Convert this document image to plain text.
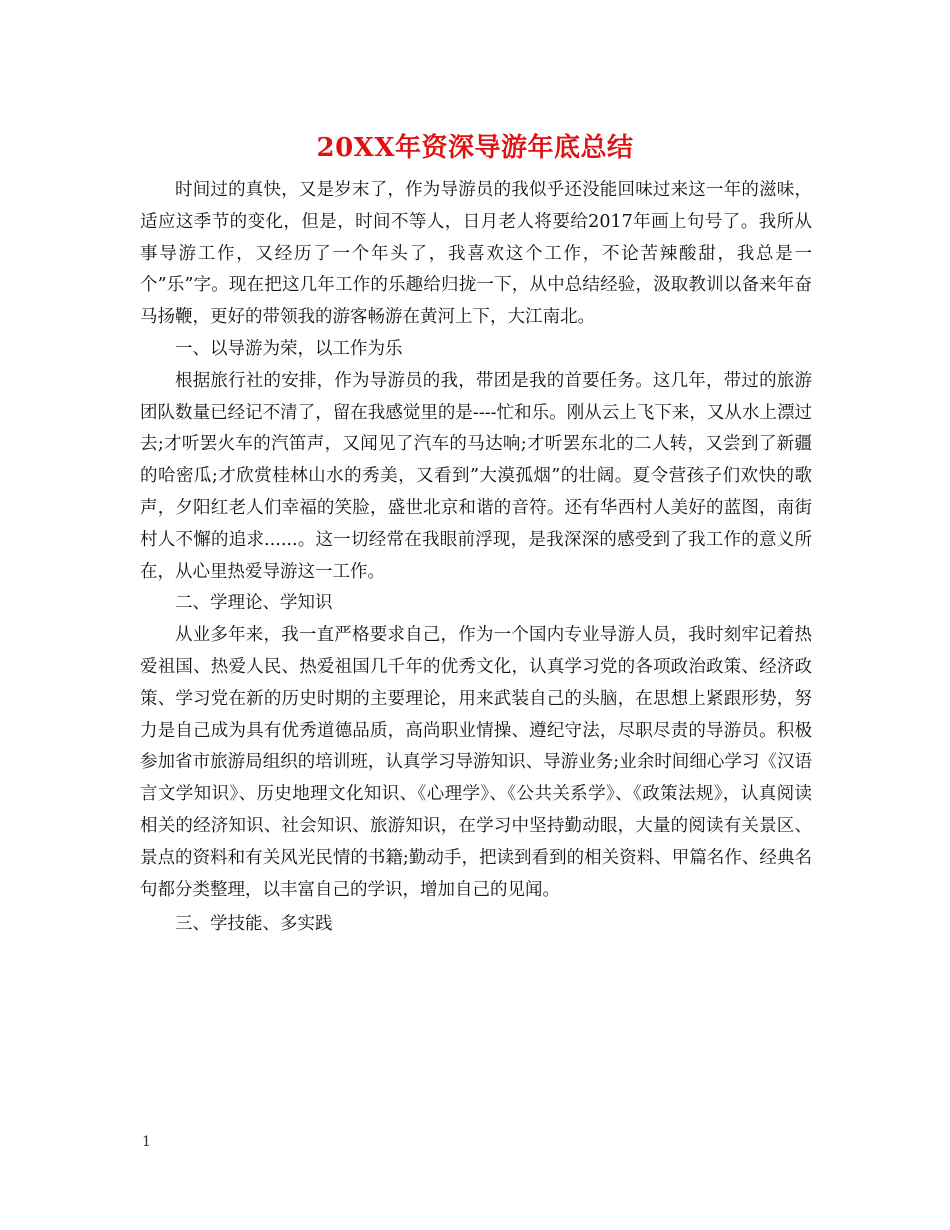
20XX年资深导游年底总结

时间过的真快，又是岁末了，作为导游员的我似乎还没能回味过来这一年的滋味，适应这季节的变化，但是，时间不等人，日月老人将要给2017年画上句号了。我所从事导游工作，又经历了一个年头了，我喜欢这个工作，不论苦辣酸甜，我总是一个”乐”字。现在把这几年工作的乐趣给归拢一下，从中总结经验，汲取教训以备来年奋马扬鞭，更好的带领我的游客畅游在黄河上下，大江南北。

一、以导游为荣，以工作为乐

根据旅行社的安排，作为导游员的我，带团是我的首要任务。这几年，带过的旅游团队数量已经记不清了，留在我感觉里的是----忙和乐。刚从云上飞下来，又从水上漂过去;才听罢火车的汽笛声，又闻见了汽车的马达响;才听罢东北的二人转，又尝到了新疆的哈密瓜;才欣赏桂林山水的秀美，又看到”大漠孤烟”的壮阔。夏令营孩子们欢快的歌声，夕阳红老人们幸福的笑脸，盛世北京和谐的音符。还有华西村人美好的蓝图，南街村人不懈的追求......。这一切经常在我眼前浮现，是我深深的感受到了我工作的意义所在，从心里热爱导游这一工作。

二、学理论、学知识

从业多年来，我一直严格要求自己，作为一个国内专业导游人员，我时刻牢记着热爱祖国、热爱人民、热爱祖国几千年的优秀文化，认真学习党的各项政治政策、经济政策、学习党在新的历史时期的主要理论，用来武装自己的头脑，在思想上紧跟形势，努力是自己成为具有优秀道德品质，高尚职业情操、遵纪守法，尽职尽责的导游员。积极参加省市旅游局组织的培训班，认真学习导游知识、导游业务;业余时间细心学习《汉语言文学知识》、历史地理文化知识、《心理学》、《公共关系学》、《政策法规》，认真阅读相关的经济知识、社会知识、旅游知识，在学习中坚持勤动眼，大量的阅读有关景区、景点的资料和有关风光民情的书籍;勤动手，把读到看到的相关资料、甲篇名作、经典名句都分类整理，以丰富自己的学识，增加自己的见闻。

三、学技能、多实践

1
